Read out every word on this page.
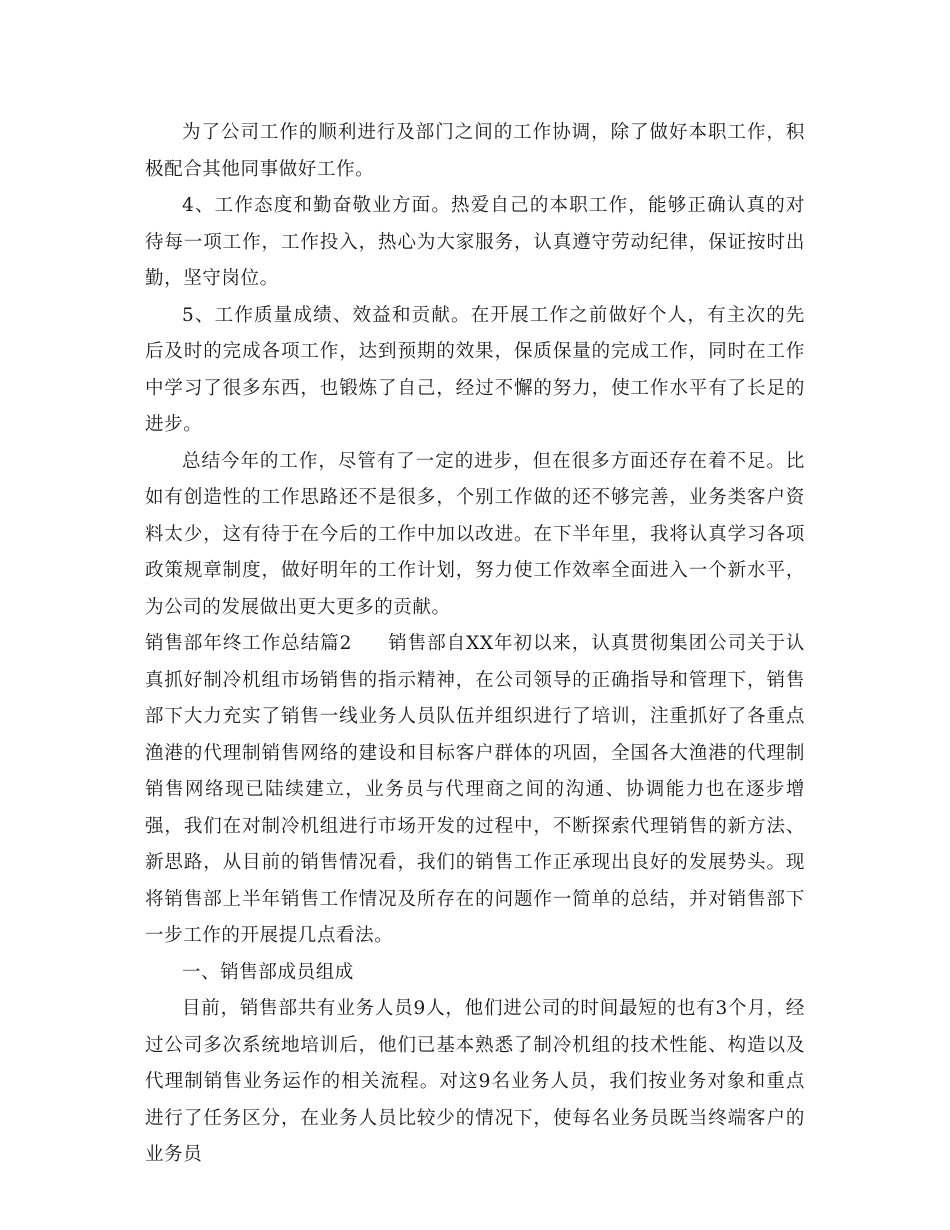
为了公司工作的顺利进行及部门之间的工作协调，除了做好本职工作，积极配合其他同事做好工作。

4、工作态度和勤奋敬业方面。热爱自己的本职工作，能够正确认真的对待每一项工作，工作投入，热心为大家服务，认真遵守劳动纪律，保证按时出勤，坚守岗位。

5、工作质量成绩、效益和贡献。在开展工作之前做好个人，有主次的先后及时的完成各项工作，达到预期的效果，保质保量的完成工作，同时在工作中学习了很多东西，也锻炼了自己，经过不懈的努力，使工作水平有了长足的进步。

总结今年的工作，尽管有了一定的进步，但在很多方面还存在着不足。比如有创造性的工作思路还不是很多，个别工作做的还不够完善，业务类客户资料太少，这有待于在今后的工作中加以改进。在下半年里，我将认真学习各项政策规章制度，做好明年的工作计划，努力使工作效率全面进入一个新水平，为公司的发展做出更大更多的贡献。

销售部年终工作总结篇2 销售部自XX年初以来，认真贯彻集团公司关于认真抓好制冷机组市场销售的指示精神，在公司领导的正确指导和管理下，销售部下大力充实了销售一线业务人员队伍并组织进行了培训，注重抓好了各重点渔港的代理制销售网络的建设和目标客户群体的巩固，全国各大渔港的代理制销售网络现已陆续建立，业务员与代理商之间的沟通、协调能力也在逐步增强，我们在对制冷机组进行市场开发的过程中，不断探索代理销售的新方法、新思路，从目前的销售情况看，我们的销售工作正承现出良好的发展势头。现将销售部上半年销售工作情况及所存在的问题作一简单的总结，并对销售部下一步工作的开展提几点看法。

一、销售部成员组成

目前，销售部共有业务人员9人，他们进公司的时间最短的也有3个月，经过公司多次系统地培训后，他们已基本熟悉了制冷机组的技术性能、构造以及代理制销售业务运作的相关流程。对这9名业务人员，我们按业务对象和重点进行了任务区分，在业务人员比较少的情况下，使每名业务员既当终端客户的业务员
